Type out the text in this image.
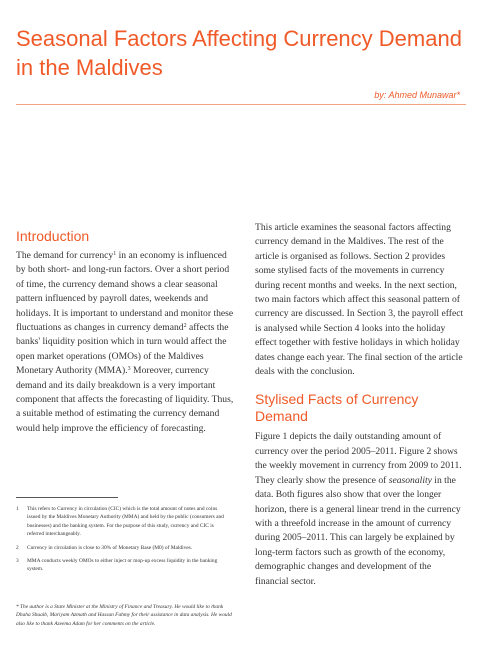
Seasonal Factors Affecting Currency Demand in the Maldives
by: Ahmed Munawar*
Introduction

The demand for currency$^1$ in an economy is influenced by both short- and long-run factors. Over a short period of time, the currency demand shows a clear seasonal pattern influenced by payroll dates, weekends and holidays. It is important to understand and monitor these fluctuations as changes in currency demand$^2$ affects the banks' liquidity position which in turn would affect the open market operations (OMOs) of the Maldives Monetary Authority (MMA).$^3$ Moreover, currency demand and its daily breakdown is a very important component that affects the forecasting of liquidity. Thus, a suitable method of estimating the currency demand would help improve the efficiency of forecasting.

This article examines the seasonal factors affecting currency demand in the Maldives. The rest of the article is organised as follows. Section 2 provides some stylised facts of the movements in currency during recent months and weeks. In the next section, two main factors which affect this seasonal pattern of currency are discussed. In Section 3, the payroll effect is analysed while Section 4 looks into the holiday effect together with festive holidays in which holiday dates change each year. The final section of the article deals with the conclusion.

Stylised Facts of Currency Demand

Figure 1 depicts the daily outstanding amount of currency over the period 2005–2011. Figure 2 shows the weekly movement in currency from 2009 to 2011. They clearly show the presence of seasonality in the data. Both figures also show that over the longer horizon, there is a general linear trend in the currency with a threefold increase in the amount of currency during 2005–2011. This can largely be explained by long-term factors such as growth of the economy, demographic changes and development of the financial sector.

1	This refers to Currency in circulation (CIC) which is the total amount of notes and coins issued by the Maldives Monetary Authority (MMA) and held by the public (consumers and businesses) and the banking system. For the purpose of this study, currency and CIC is referred interchangeably.
2	Currency in circulation is close to 30% of Monetary Base (M0) of Maldives.
3	MMA conducts weekly OMOs to either inject or mop-up excess liquidity in the banking system.

* The author is a State Minister at the Ministry of Finance and Treasury. He would like to thank Dhaha Shuaib, Mariyam Azmath and Hassan Fahmy for their assistance in data analysis. He would also like to thank Azeema Adam for her comments on the article.
